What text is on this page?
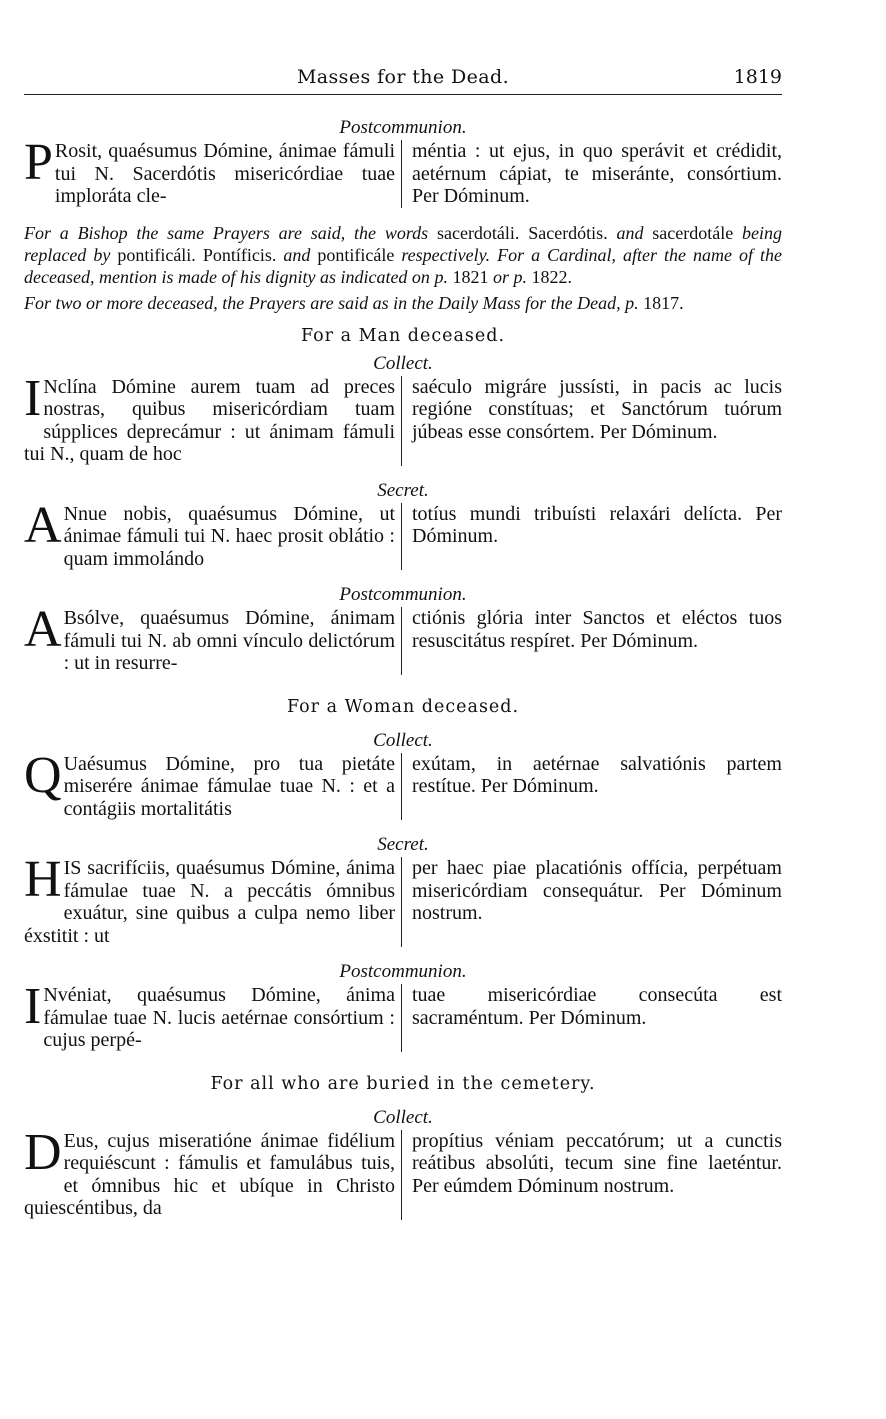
Masses for the Dead.	1819
Postcommunion.
P Rosit, quaésumus Dómine, ánimae fámuli tui N. Sacerdótis misericórdiae tuae imploráta cle-
méntia : ut ejus, in quo sperávit et crédidit, aetérnum cápiat, te miseránte, consórtium. Per Dóminum.

For a Bishop the same Prayers are said, the words sacerdotáli. Sacerdótis. and sacerdotále being replaced by pontificáli. Pontíficis. and pontificále respectively. For a Cardinal, after the name of the deceased, mention is made of his dignity as indicated on p. 1821 or p. 1822.

For two or more deceased, the Prayers are said as in the Daily Mass for the Dead, p. 1817.

For a Man deceased.
Collect.
I Nclína Dómine aurem tuam ad preces nostras, quibus misericórdiam tuam súpplices deprecámur : ut ánimam fámuli tui N., quam de hoc
saéculo migráre jussísti, in pacis ac lucis regióne constítuas; et Sanctórum tuórum júbeas esse consórtem. Per Dóminum.
Secret.
A Nnue nobis, quaésumus Dómine, ut ánimae fámuli tui N. haec prosit oblátio : quam immolándo
totíus mundi tribuísti relaxári delícta. Per Dóminum.
Postcommunion.
A Bsólve, quaésumus Dómine, ánimam fámuli tui N. ab omni vínculo delictórum : ut in resurre-
ctiónis glória inter Sanctos et eléctos tuos resuscitátus respíret. Per Dóminum.
For a Woman deceased.
Collect.
Q Uaésumus Dómine, pro tua pietáte miserére ánimae fámulae tuae N. : et a contágiis mortalitátis
exútam, in aetérnae salvatiónis partem restítue. Per Dóminum.
Secret.
H IS sacrifíciis, quaésumus Dómine, ánima fámulae tuae N. a peccátis ómnibus exuátur, sine quibus a culpa nemo liber éxstitit : ut
per haec piae placatiónis offícia, perpétuam misericórdiam consequátur. Per Dóminum nostrum.
Postcommunion.
I Nvéniat, quaésumus Dómine, ánima fámulae tuae N. lucis aetérnae consórtium : cujus perpé-
tuae misericórdiae consecúta est sacraméntum. Per Dóminum.
For all who are buried in the cemetery.
Collect.
D Eus, cujus miseratióne ánimae fidélium requiéscunt : fámulis et famulábus tuis, et ómnibus hic et ubíque in Christo quiescéntibus, da
propítius véniam peccatórum; ut a cunctis reátibus absolúti, tecum sine fine laeténtur. Per eúmdem Dóminum nostrum.
